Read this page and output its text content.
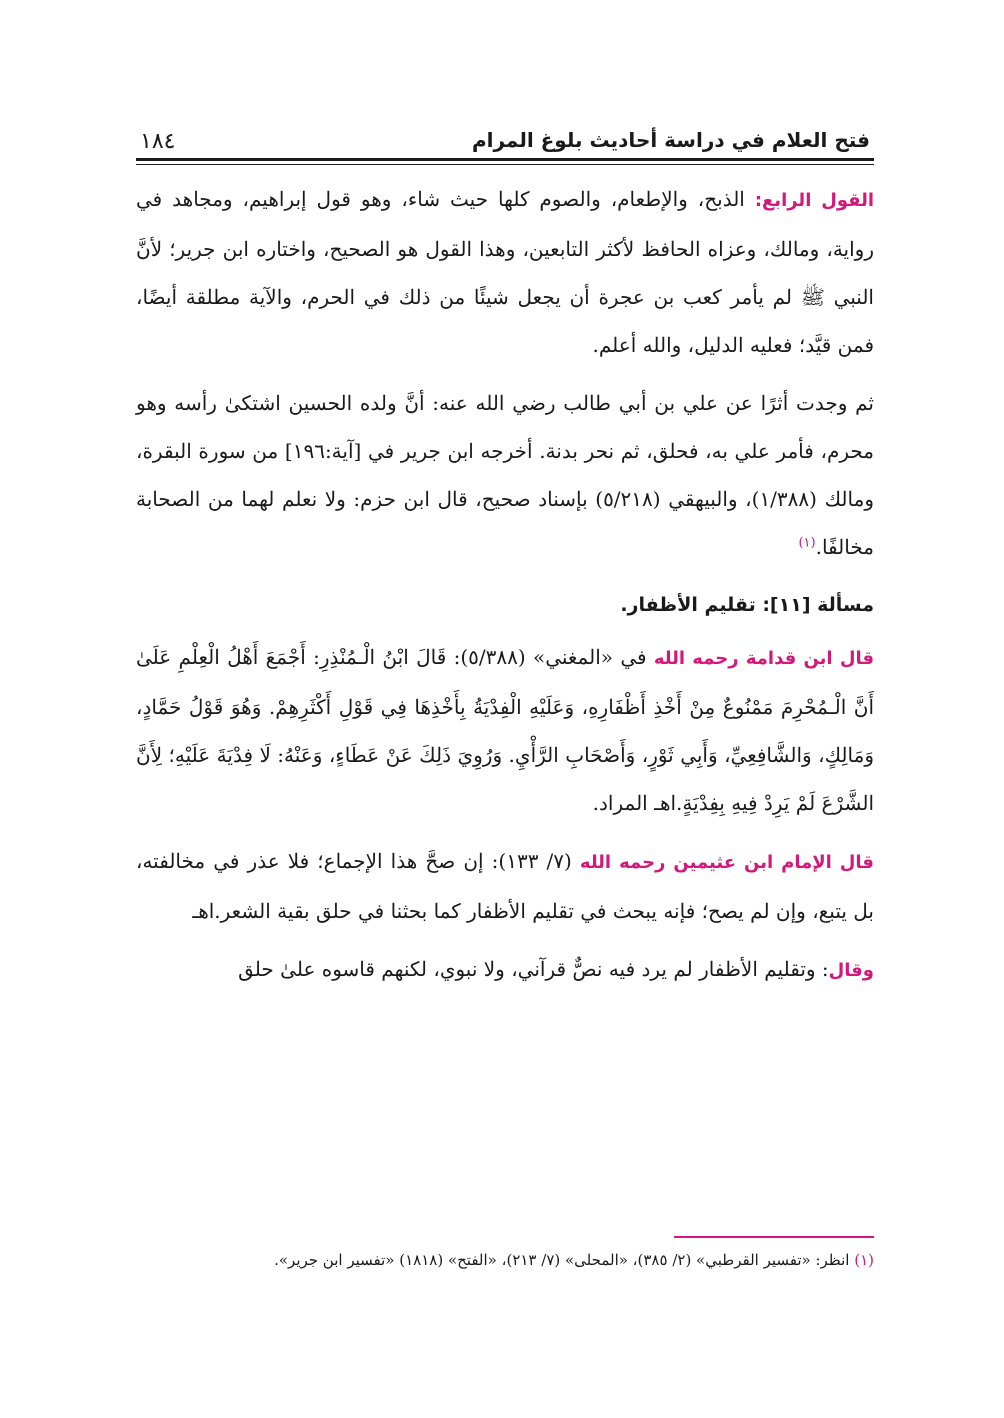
فتح العلام في دراسة أحاديث بلوغ المرام
١٨٤

القول الرابع: الذبح، والإطعام، والصوم كلها حيث شاء، وهو قول إبراهيم، ومجاهد في رواية، ومالك، وعزاه الحافظ لأكثر التابعين، وهذا القول هو الصحيح، واختاره ابن جرير؛ لأنَّ النبي ﷺ لم يأمر كعب بن عجرة أن يجعل شيئًا من ذلك في الحرم، والآية مطلقة أيضًا، فمن قيَّد؛ فعليه الدليل، والله أعلم.

ثم وجدت أثرًا عن علي بن أبي طالب رضي الله عنه: أنَّ ولده الحسين اشتكىٰ رأسه وهو محرم، فأمر علي به، فحلق، ثم نحر بدنة. أخرجه ابن جرير في [آية:١٩٦] من سورة البقرة، ومالك (١/٣٨٨)، والبيهقي (٥/٢١٨) بإسناد صحيح، قال ابن حزم: ولا نعلم لهما من الصحابة مخالفًا.$^{(١)}$

مسألة [١١]: تقليم الأظفار.

قال ابن قدامة رحمه الله في «المغني» (٥/٣٨٨): قَالَ ابْنُ الْـمُنْذِرِ: أَجْمَعَ أَهْلُ الْعِلْمِ عَلَىٰ أَنَّ الْـمُحْرِمَ مَمْنُوعٌ مِنْ أَخْذِ أَظْفَارِهِ، وَعَلَيْهِ الْفِدْيَةُ بِأَخْذِهَا فِي قَوْلِ أَكْثَرِهِمْ. وَهُوَ قَوْلُ حَمَّادٍ، وَمَالِكٍ، وَالشَّافِعِيِّ، وَأَبِي ثَوْرٍ، وَأَصْحَابِ الرَّأْيِ. وَرُوِيَ ذَلِكَ عَنْ عَطَاءٍ، وَعَنْهُ: لَا فِدْيَةَ عَلَيْهِ؛ لِأَنَّ الشَّرْعَ لَمْ يَرِدْ فِيهِ بِفِدْيَةٍ.اهـ المراد.

قال الإمام ابن عثيمين رحمه الله (٧/ ١٣٣): إن صحَّ هذا الإجماع؛ فلا عذر في مخالفته، بل يتبع، وإن لم يصح؛ فإنه يبحث في تقليم الأظفار كما بحثنا في حلق بقية الشعر.اهـ

وقال: وتقليم الأظفار لم يرد فيه نصٌّ قرآني، ولا نبوي، لكنهم قاسوه علىٰ حلق

(١) انظر: «تفسير القرطبي» (٢/ ٣٨٥)، «المحلى» (٧/ ٢١٣)، «الفتح» (١٨١٨) «تفسير ابن جرير».
